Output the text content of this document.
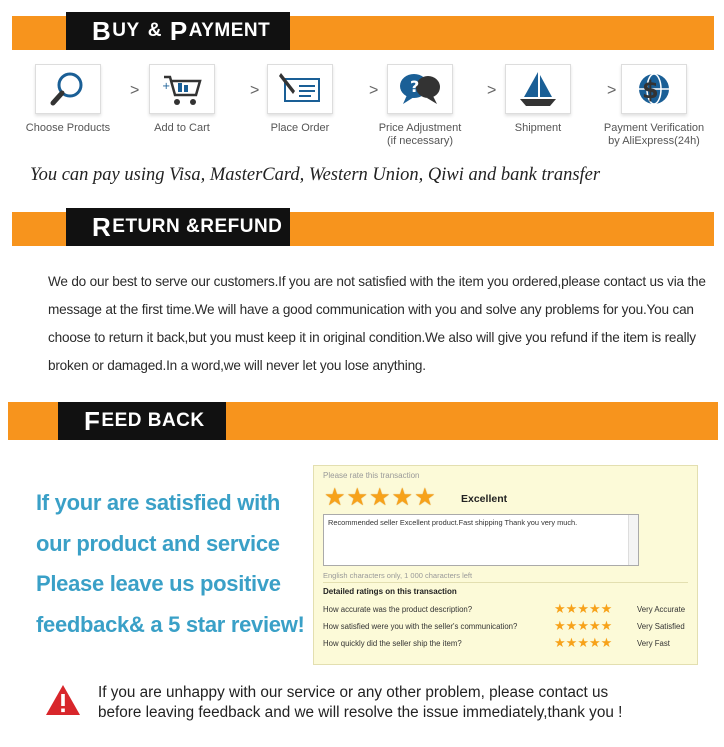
B UY & P AYMENT
Choose Products
> +
Add to Cart
>
Place Order
> ?
Price Adjustment
(if necessary)
>
Shipment
> $
Payment Verification
by AliExpress(24h)
You can pay using Visa, MasterCard, Western Union, Qiwi and bank transfer
R ETURN &REFUND
We do our best to serve our customers.If you are not satisfied with the item you ordered,please contact us via the message at the first time.We will have a good communication with you and solve any problems for you.You can choose to return it back,but you must keep it in original condition.We also will give you refund if the item is really broken or damaged.In a word,we will never let you lose anything.
F EED BACK
If your are satisfied with
our product and service
Please leave us positive
feedback& a 5 star review!
Please rate this transaction
★ ★ ★ ★ ★ Excellent
Recommended seller Excellent product.Fast shipping Thank you very much.
English characters only, 1 000 characters left
Detailed ratings on this transaction
How accurate was the product description?	★ ★ ★ ★ ★	Very Accurate
How satisfied were you with the seller's communication?	★ ★ ★ ★ ★	Very Satisfied
How quickly did the seller ship the item?	★ ★ ★ ★ ★	Very Fast
If you are unhappy with our service or any other problem, please contact us
before leaving feedback and we will resolve the issue immediately,thank you !
